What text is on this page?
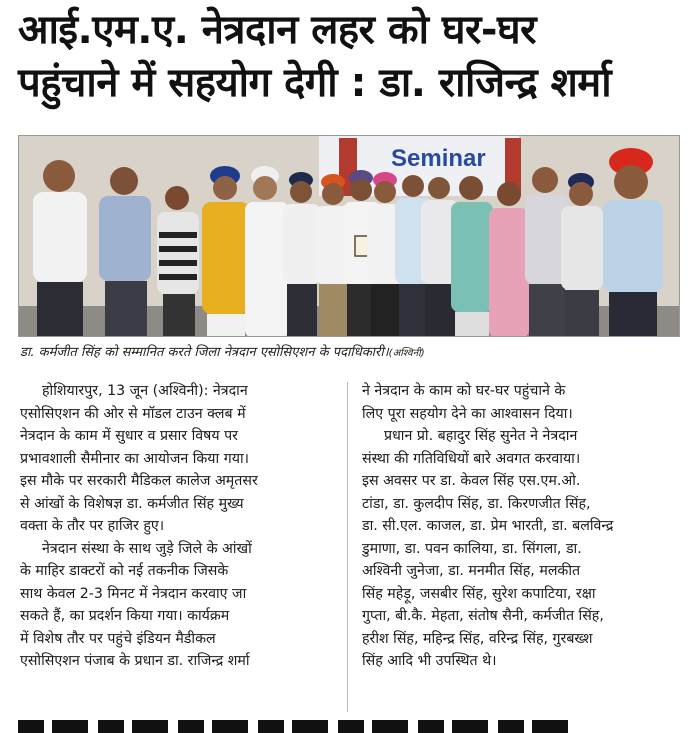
आई.एम.ए. नेत्रदान लहर को घर-घर
पहुंचाने में सहयोग देगी : डा. राजिन्द्र शर्मा
Seminar
डा. कर्मजीत सिंह को सम्मानित करते जिला नेत्रदान एसोसिएशन के पदाधिकारी।(अश्विनी)
होशियारपुर, 13 जून (अश्विनी): नेत्रदान
एसोसिएशन की ओर से मॉडल टाउन क्लब में
नेत्रदान के काम में सुधार व प्रसार विषय पर
प्रभावशाली सैमीनार का आयोजन किया गया।
इस मौके पर सरकारी मैडिकल कालेज अमृतसर
से आंखों के विशेषज्ञ डा. कर्मजीत सिंह मुख्य
वक्ता के तौर पर हाजिर हुए।
नेत्रदान संस्था के साथ जुड़े जिले के आंखों
के माहिर डाक्टरों को नई तकनीक जिसके
साथ केवल 2-3 मिनट में नेत्रदान करवाए जा
सकते हैं, का प्रदर्शन किया गया। कार्यक्रम
में विशेष तौर पर पहुंचे इंडियन मैडीकल
एसोसिएशन पंजाब के प्रधान डा. राजिन्द्र शर्मा
ने नेत्रदान के काम को घर-घर पहुंचाने के
लिए पूरा सहयोग देने का आश्वासन दिया।
प्रधान प्रो. बहादुर सिंह सुनेत ने नेत्रदान
संस्था की गतिविधियों बारे अवगत करवाया।
इस अवसर पर डा. केवल सिंह एस.एम.ओ.
टांडा, डा. कुलदीप सिंह, डा. किरणजीत सिंह,
डा. सी.एल. काजल, डा. प्रेम भारती, डा. बलविन्द्र
डुमाणा, डा. पवन कालिया, डा. सिंगला, डा.
अश्विनी जुनेजा, डा. मनमीत सिंह, मलकीत
सिंह महेड़ू, जसबीर सिंह, सुरेश कपाटिया, रक्षा
गुप्ता, बी.कै. मेहता, संतोष सैनी, कर्मजीत सिंह,
हरीश सिंह, महिन्द्र सिंह, वरिन्द्र सिंह, गुरबख्श
सिंह आदि भी उपस्थित थे।
